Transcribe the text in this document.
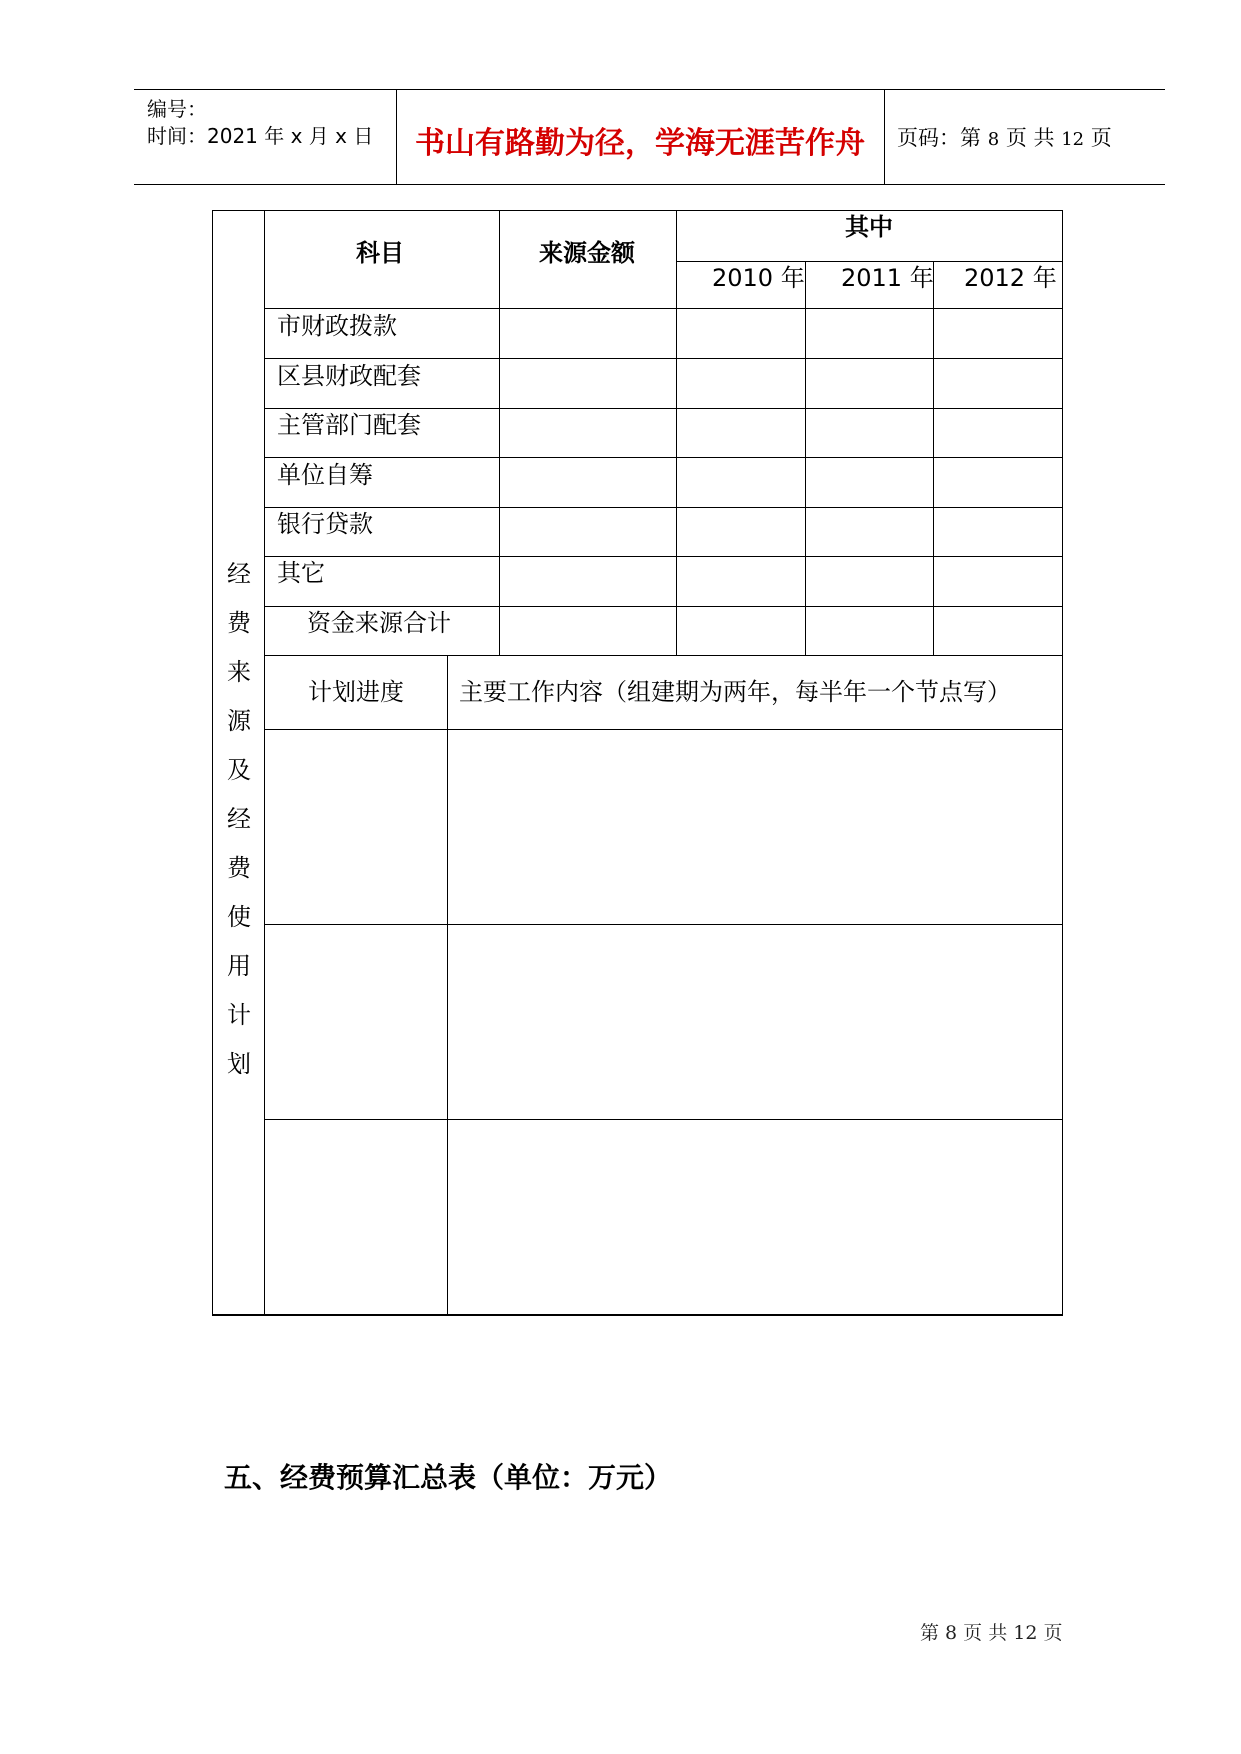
编号：
时间：2021 年 x 月 x 日	书山有路勤为径，学海无涯苦作舟	页码：第 8 页 共 12 页
经
费
来
源
及
经
费
使
用
计
划
科目	来源金额
其中
2010 年 2011 年 2012 年
市财政拨款
区县财政配套
主管部门配套
单位自筹
银行贷款
其它
资金来源合计
计划进度 主要工作内容（组建期为两年，每半年一个节点写）
五、经费预算汇总表（单位：万元）
第 8 页 共 12 页
